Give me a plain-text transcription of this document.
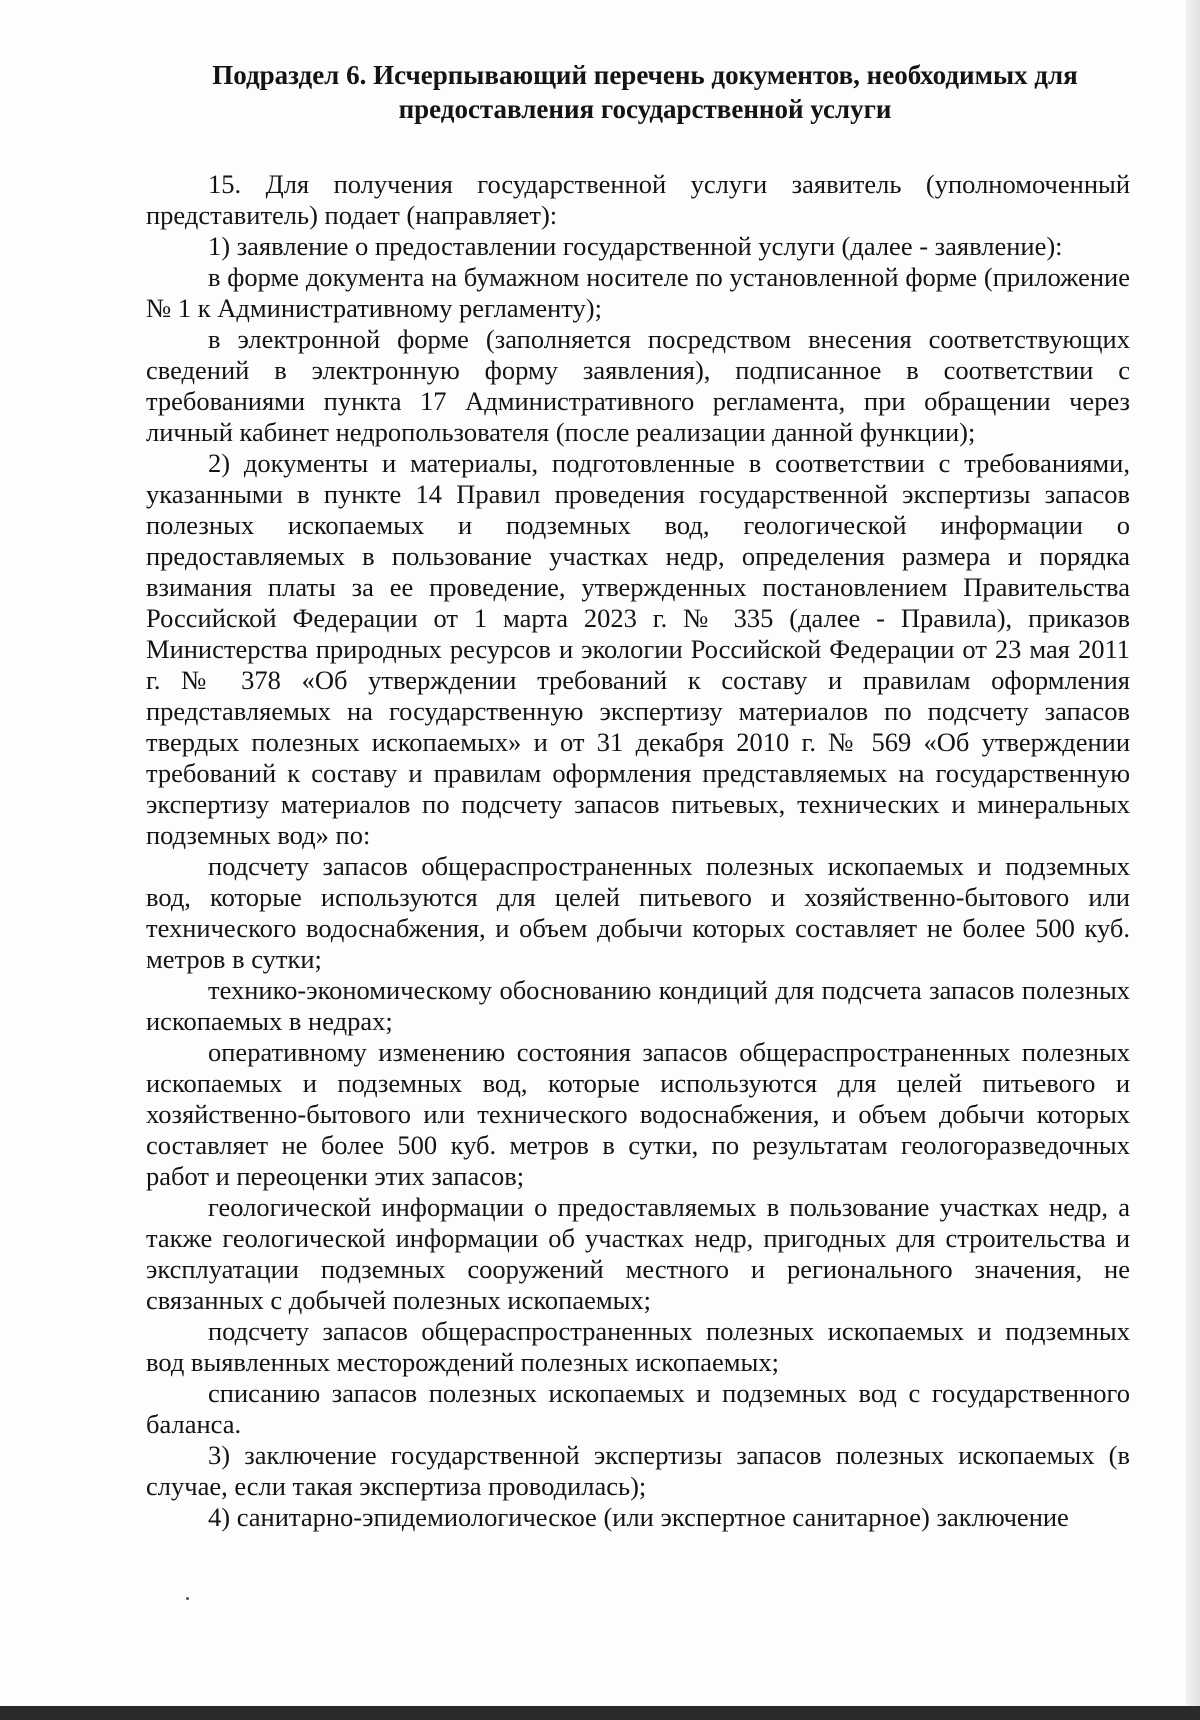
Подраздел 6. Исчерпывающий перечень документов, необходимых для
предоставления государственной услуги

15. Для получения государственной услуги заявитель (уполномоченный представитель) подает (направляет):

1) заявление о предоставлении государственной услуги (далее - заявление):

в форме документа на бумажном носителе по установленной форме (приложение № 1 к Административному регламенту);

в электронной форме (заполняется посредством внесения соответствующих сведений в электронную форму заявления), подписанное в соответствии с требованиями пункта 17 Административного регламента, при обращении через личный кабинет недропользователя (после реализации данной функции);

2) документы и материалы, подготовленные в соответствии с требованиями, указанными в пункте 14 Правил проведения государственной экспертизы запасов полезных ископаемых и подземных вод, геологической информации о предоставляемых в пользование участках недр, определения размера и порядка взимания платы за ее проведение, утвержденных постановлением Правительства Российской Федерации от 1 марта 2023 г. № 335 (далее - Правила), приказов Министерства природных ресурсов и экологии Российской Федерации от 23 мая 2011 г. № 378 «Об утверждении требований к составу и правилам оформления представляемых на государственную экспертизу материалов по подсчету запасов твердых полезных ископаемых» и от 31 декабря 2010 г. № 569 «Об утверждении требований к составу и правилам оформления представляемых на государственную экспертизу материалов по подсчету запасов питьевых, технических и минеральных подземных вод» по:

подсчету запасов общераспространенных полезных ископаемых и подземных вод, которые используются для целей питьевого и хозяйственно-бытового или технического водоснабжения, и объем добычи которых составляет не более 500 куб. метров в сутки;

технико-экономическому обоснованию кондиций для подсчета запасов полезных ископаемых в недрах;

оперативному изменению состояния запасов общераспространенных полезных ископаемых и подземных вод, которые используются для целей питьевого и хозяйственно-бытового или технического водоснабжения, и объем добычи которых составляет не более 500 куб. метров в сутки, по результатам геологоразведочных работ и переоценки этих запасов;

геологической информации о предоставляемых в пользование участках недр, а также геологической информации об участках недр, пригодных для строительства и эксплуатации подземных сооружений местного и регионального значения, не связанных с добычей полезных ископаемых;

подсчету запасов общераспространенных полезных ископаемых и подземных вод выявленных месторождений полезных ископаемых;

списанию запасов полезных ископаемых и подземных вод с государственного баланса.

3) заключение государственной экспертизы запасов полезных ископаемых (в случае, если такая экспертиза проводилась);

4) санитарно-эпидемиологическое (или экспертное санитарное) заключение
